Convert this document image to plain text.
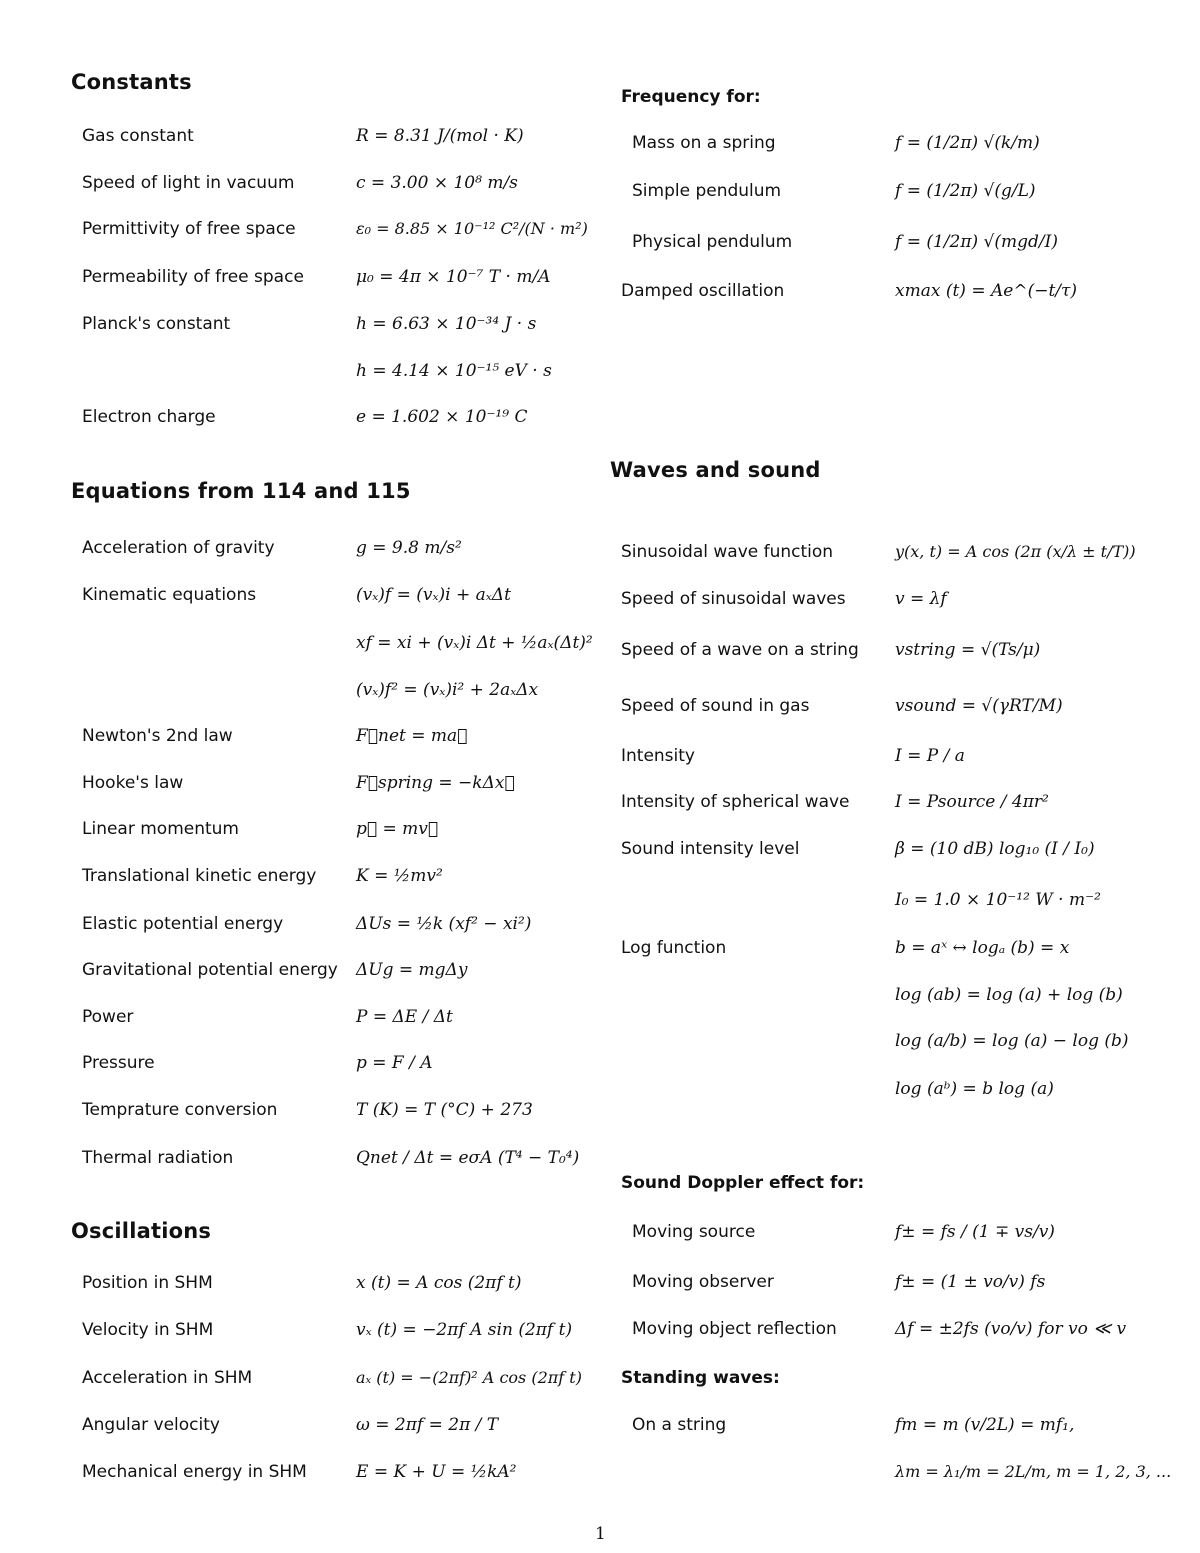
Constants
Gas constant	R = 8.31 J/(mol · K)
Speed of light in vacuum	c = 3.00 × 10⁸ m/s
Permittivity of free space	ε₀ = 8.85 × 10⁻¹² C²/(N · m²)
Permeability of free space	μ₀ = 4π × 10⁻⁷ T · m/A
Planck's constant	h = 6.63 × 10⁻³⁴ J · s
h = 4.14 × 10⁻¹⁵ eV · s
Electron charge	e = 1.602 × 10⁻¹⁹ C
Equations from 114 and 115
Acceleration of gravity	g = 9.8 m/s²
Kinematic equations	(vₓ)f = (vₓ)i + aₓΔt
xf = xi + (vₓ)i Δt + ½aₓ(Δt)²
(vₓ)f² = (vₓ)i² + 2aₓΔx
Newton's 2nd law	F⃗net = ma⃗
Hooke's law	F⃗spring = −kΔx⃗
Linear momentum	p⃗ = mv⃗
Translational kinetic energy K = ½mv²
Elastic potential energy	ΔUs = ½k (xf² − xi²)
Gravitational potential energy ΔUg = mgΔy
Power	P = ΔE / Δt
Pressure	p = F / A
Temprature conversion	T (K) = T (°C) + 273
Thermal radiation	Qnet / Δt = eσA (T⁴ − T₀⁴)
Oscillations
Position in SHM	x (t) = A cos (2πf t)
Velocity in SHM	vₓ (t) = −2πf A sin (2πf t)
Acceleration in SHM	aₓ (t) = −(2πf)² A cos (2πf t)
Angular velocity	ω = 2πf = 2π / T
Mechanical energy in SHM	E = K + U = ½kA²
Frequency for:
Mass on a spring	f = (1/2π) √(k/m)
Simple pendulum	f = (1/2π) √(g/L)
Physical pendulum	f = (1/2π) √(mgd/I)
Damped oscillation	xmax (t) = Ae^(−t/τ)
Waves and sound
Sinusoidal wave function	y(x, t) = A cos (2π (x/λ ± t/T))
Speed of sinusoidal waves	v = λf
Speed of a wave on a string vstring = √(Ts/μ)
Speed of sound in gas	vsound = √(γRT/M)
Intensity	I = P / a
Intensity of spherical wave	I = Psource / 4πr²
Sound intensity level	β = (10 dB) log₁₀ (I / I₀)
I₀ = 1.0 × 10⁻¹² W · m⁻²
Log function	b = aˣ ↔ logₐ (b) = x
log (ab) = log (a) + log (b)
log (a/b) = log (a) − log (b)
log (aᵇ) = b log (a)
Sound Doppler effect for:
Moving source	f± = fs / (1 ∓ vs/v)
Moving observer	f± = (1 ± vo/v) fs
Moving object reflection	Δf = ±2fs (vo/v) for vo ≪ v
Standing waves:
On a string	fm = m (v/2L) = mf₁,
λm = λ₁/m = 2L/m, m = 1, 2, 3, ...
1
